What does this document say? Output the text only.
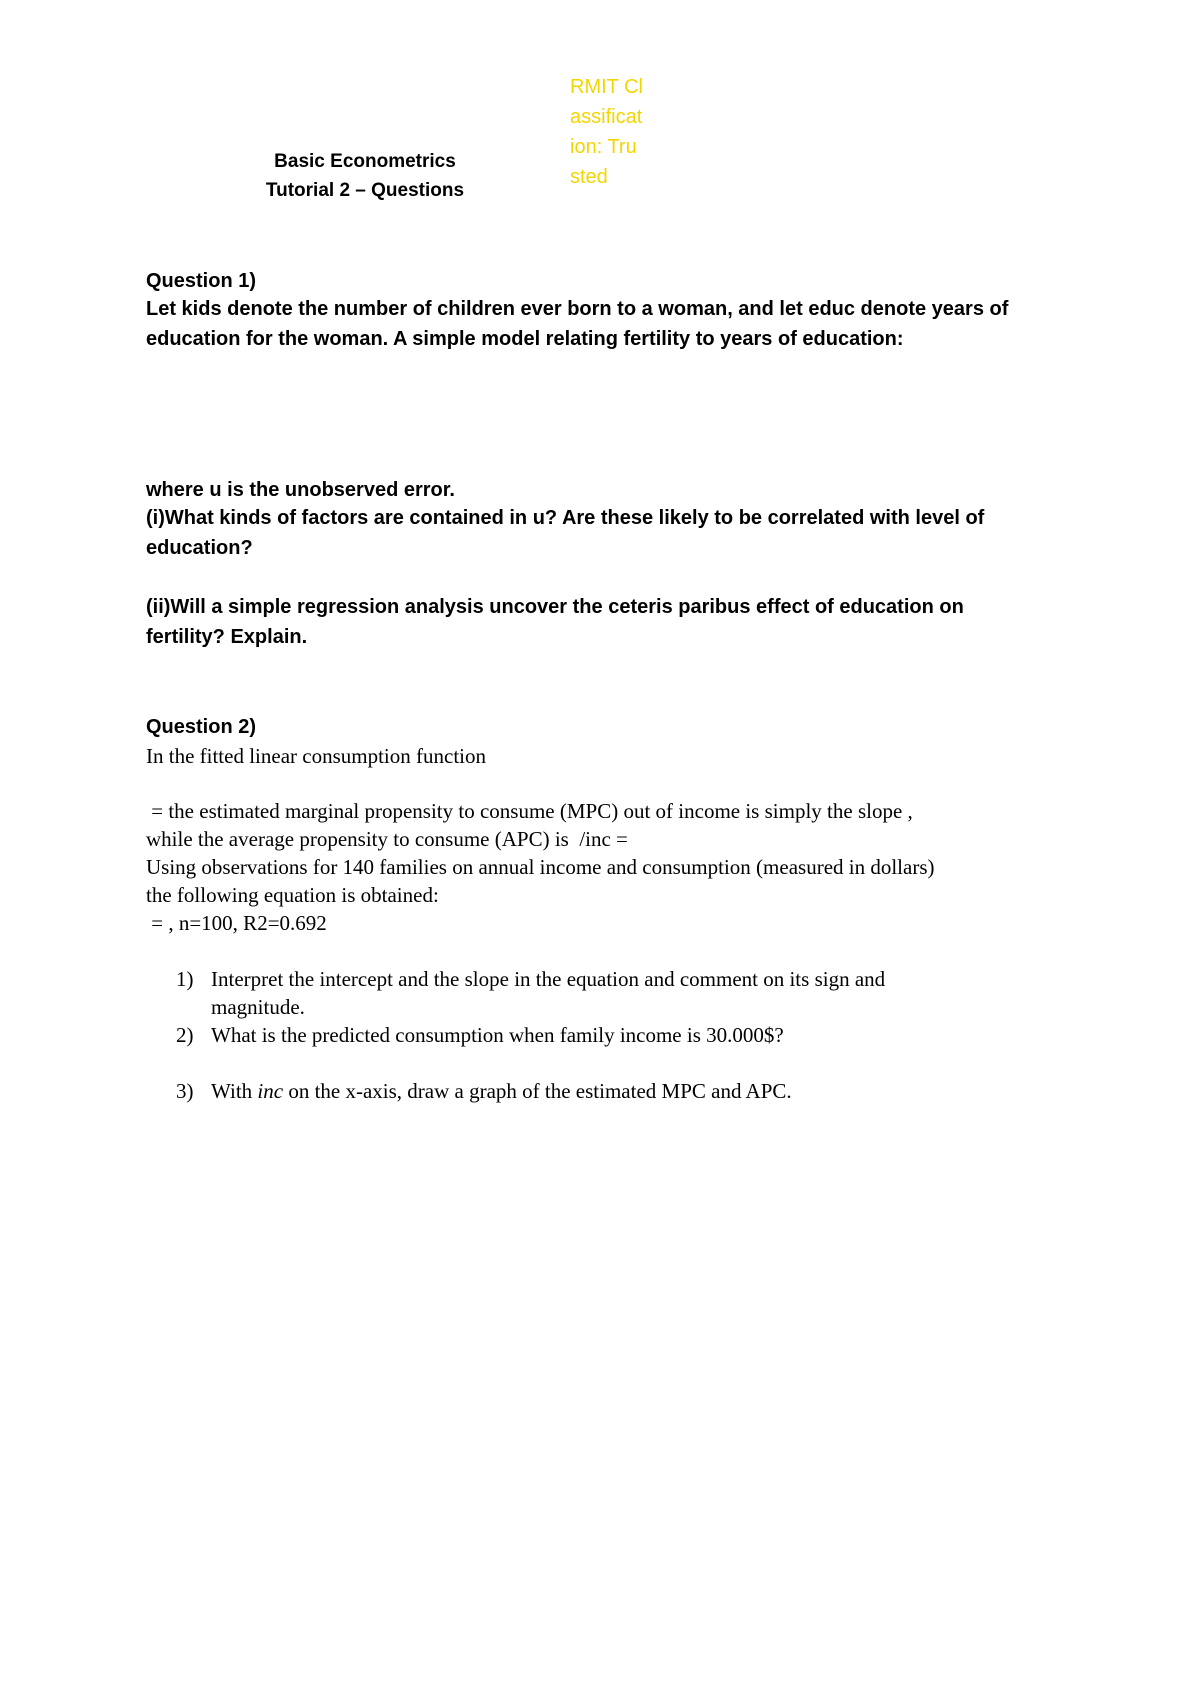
Basic Econometrics
Tutorial 2 – Questions
RMIT Classification: Trusted
Question 1)
Let kids denote the number of children ever born to a woman, and let educ denote years of
education for the woman. A simple model relating fertility to years of education:
where u is the unobserved error.
(i)What kinds of factors are contained in u? Are these likely to be correlated with level of
education?
(ii)Will a simple regression analysis uncover the ceteris paribus effect of education on
fertility? Explain.
Question 2)
In the fitted linear consumption function
= the estimated marginal propensity to consume (MPC) out of income is simply the slope ,
while the average propensity to consume (APC) is  /inc =
Using observations for 140 families on annual income and consumption (measured in dollars)
the following equation is obtained:
= , n=100, R2=0.692
1) Interpret the intercept and the slope in the equation and comment on its sign and
magnitude.
2) What is the predicted consumption when family income is 30.000$?
3) With inc on the x-axis, draw a graph of the estimated MPC and APC.
